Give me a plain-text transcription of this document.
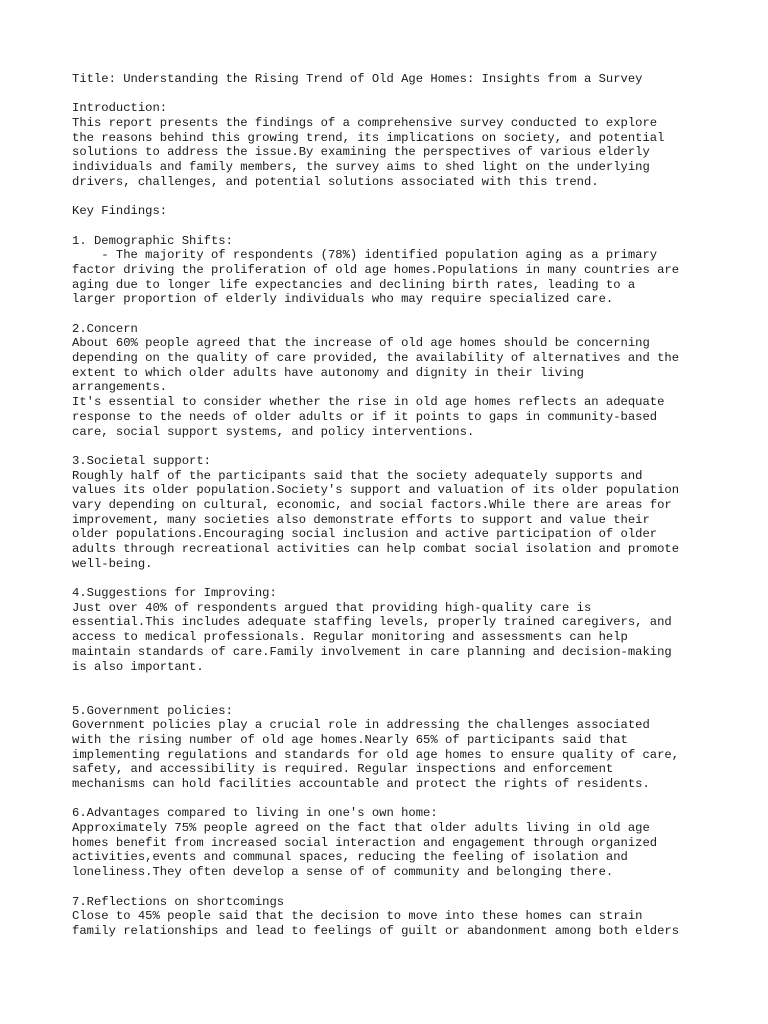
Title: Understanding the Rising Trend of Old Age Homes: Insights from a Survey
Introduction:
This report presents the findings of a comprehensive survey conducted to explore
the reasons behind this growing trend, its implications on society, and potential
solutions to address the issue.By examining the perspectives of various elderly
individuals and family members, the survey aims to shed light on the underlying
drivers, challenges, and potential solutions associated with this trend.
Key Findings:
1. Demographic Shifts:
- The majority of respondents (78%) identified population aging as a primary
factor driving the proliferation of old age homes.Populations in many countries are
aging due to longer life expectancies and declining birth rates, leading to a
larger proportion of elderly individuals who may require specialized care.
2.Concern
About 60% people agreed that the increase of old age homes should be concerning
depending on the quality of care provided, the availability of alternatives and the
extent to which older adults have autonomy and dignity in their living
arrangements.
It's essential to consider whether the rise in old age homes reflects an adequate
response to the needs of older adults or if it points to gaps in community-based
care, social support systems, and policy interventions.
3.Societal support:
Roughly half of the participants said that the society adequately supports and
values its older population.Society's support and valuation of its older population
vary depending on cultural, economic, and social factors.While there are areas for
improvement, many societies also demonstrate efforts to support and value their
older populations.Encouraging social inclusion and active participation of older
adults through recreational activities can help combat social isolation and promote
well-being.
4.Suggestions for Improving:
Just over 40% of respondents argued that providing high-quality care is
essential.This includes adequate staffing levels, properly trained caregivers, and
access to medical professionals. Regular monitoring and assessments can help
maintain standards of care.Family involvement in care planning and decision-making
is also important.
5.Government policies:
Government policies play a crucial role in addressing the challenges associated
with the rising number of old age homes.Nearly 65% of participants said that
implementing regulations and standards for old age homes to ensure quality of care,
safety, and accessibility is required. Regular inspections and enforcement
mechanisms can hold facilities accountable and protect the rights of residents.
6.Advantages compared to living in one's own home:
Approximately 75% people agreed on the fact that older adults living in old age
homes benefit from increased social interaction and engagement through organized
activities,events and communal spaces, reducing the feeling of isolation and
loneliness.They often develop a sense of of community and belonging there.
7.Reflections on shortcomings
Close to 45% people said that the decision to move into these homes can strain
family relationships and lead to feelings of guilt or abandonment among both elders
